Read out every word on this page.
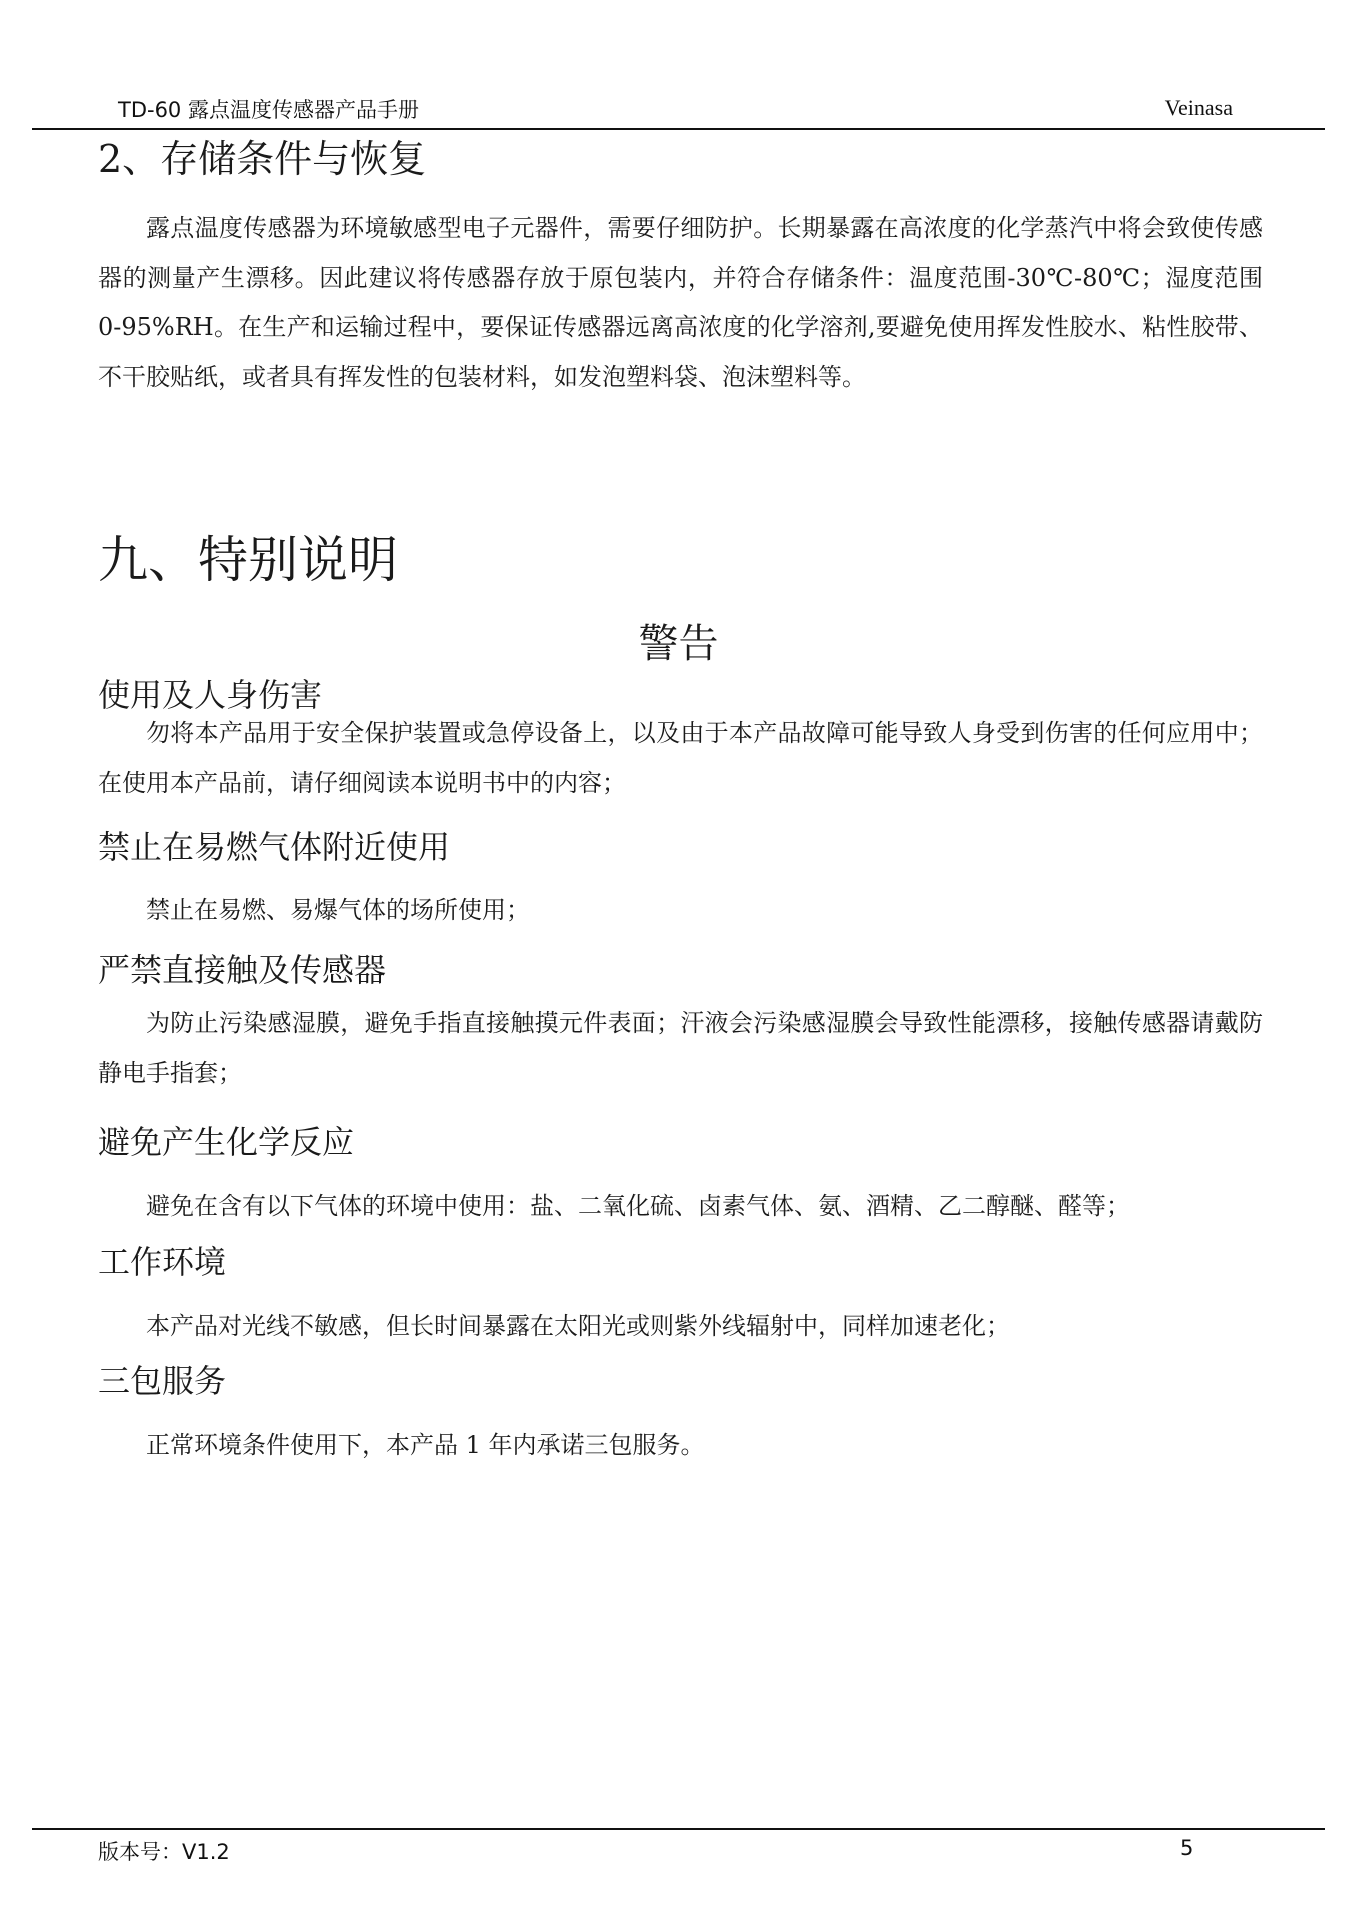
TD-60 露点温度传感器产品手册	Veinasa
2、存储条件与恢复

露点温度传感器为环境敏感型电子元器件，需要仔细防护。长期暴露在高浓度的化学蒸汽中将会致使传感器的测量产生漂移。因此建议将传感器存放于原包装内，并符合存储条件：温度范围-30℃-80℃；湿度范围 0-95%RH。在生产和运输过程中，要保证传感器远离高浓度的化学溶剂,要避免使用挥发性胶水、粘性胶带、不干胶贴纸，或者具有挥发性的包装材料，如发泡塑料袋、泡沫塑料等。

九、特别说明
警告
使用及人身伤害

勿将本产品用于安全保护装置或急停设备上，以及由于本产品故障可能导致人身受到伤害的任何应用中；在使用本产品前，请仔细阅读本说明书中的内容；

禁止在易燃气体附近使用

禁止在易燃、易爆气体的场所使用；

严禁直接触及传感器

为防止污染感湿膜，避免手指直接触摸元件表面；汗液会污染感湿膜会导致性能漂移，接触传感器请戴防静电手指套；

避免产生化学反应

避免在含有以下气体的环境中使用：盐、二氧化硫、卤素气体、氨、酒精、乙二醇醚、醛等；

工作环境

本产品对光线不敏感，但长时间暴露在太阳光或则紫外线辐射中，同样加速老化；

三包服务

正常环境条件使用下，本产品 1 年内承诺三包服务。

版本号：V1.2	5
